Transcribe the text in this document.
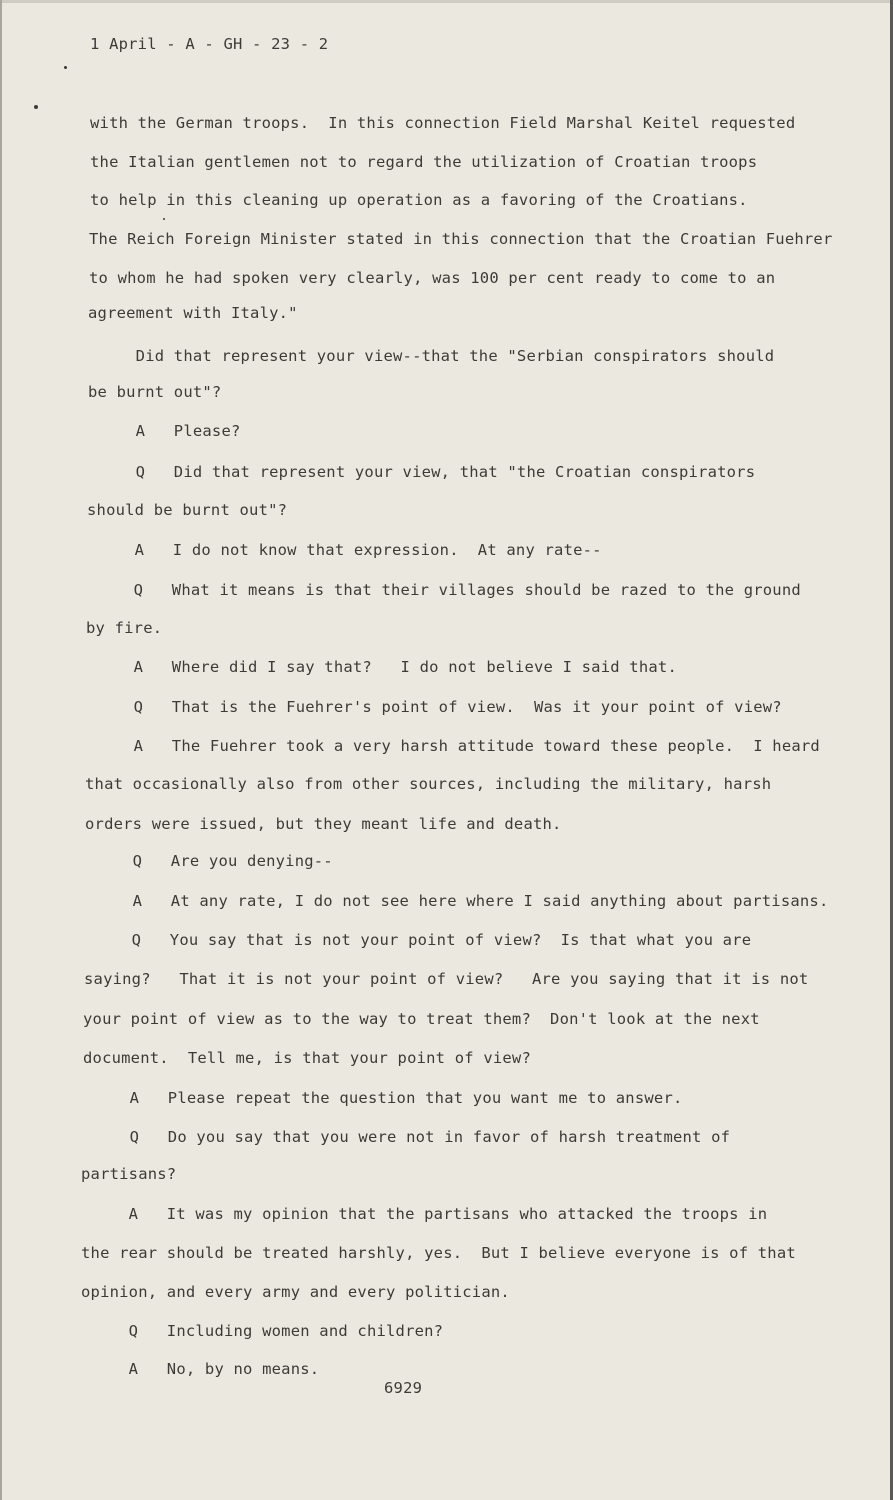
1 April - A - GH - 23 - 2
with the German troops.  In this connection Field Marshal Keitel requested
the Italian gentlemen not to regard the utilization of Croatian troops
to help in this cleaning up operation as a favoring of the Croatians.
The Reich Foreign Minister stated in this connection that the Croatian Fuehrer
to whom he had spoken very clearly, was 100 per cent ready to come to an
agreement with Italy."
Did that represent your view--that the "Serbian conspirators should
be burnt out"?
A   Please?
Q   Did that represent your view, that "the Croatian conspirators
should be burnt out"?
A   I do not know that expression.  At any rate--
Q   What it means is that their villages should be razed to the ground
by fire.
A   Where did I say that?   I do not believe I said that.
Q   That is the Fuehrer's point of view.  Was it your point of view?
A   The Fuehrer took a very harsh attitude toward these people.  I heard
that occasionally also from other sources, including the military, harsh
orders were issued, but they meant life and death.
Q   Are you denying--
A   At any rate, I do not see here where I said anything about partisans.
Q   You say that is not your point of view?  Is that what you are
saying?   That it is not your point of view?   Are you saying that it is not
your point of view as to the way to treat them?  Don't look at the next
document.  Tell me, is that your point of view?
A   Please repeat the question that you want me to answer.
Q   Do you say that you were not in favor of harsh treatment of
partisans?
A   It was my opinion that the partisans who attacked the troops in
the rear should be treated harshly, yes.  But I believe everyone is of that
opinion, and every army and every politician.
Q   Including women and children?
A   No, by no means.
6929
